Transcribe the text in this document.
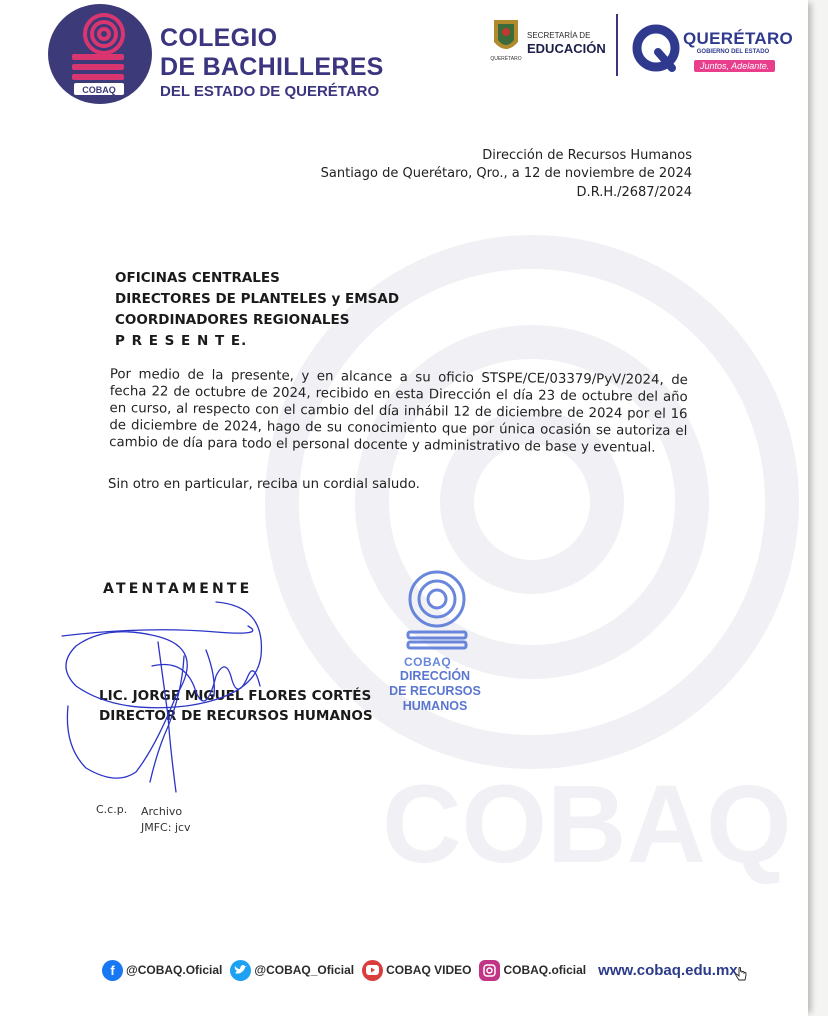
COBAQ
COBAQ
COLEGIO
DE BACHILLERES
DEL ESTADO DE QUERÉTARO
QUERÉTARO
SECRETARÍA DE
EDUCACIÓN
QUERÉTARO
GOBIERNO DEL ESTADO
Juntos, Adelante.
Dirección de Recursos Humanos
Santiago de Querétaro, Qro., a 12 de noviembre de 2024
D.R.H./2687/2024
OFICINAS CENTRALES
DIRECTORES DE PLANTELES y EMSAD
COORDINADORES REGIONALES
P R E S E N T E.
Por medio de la presente, y en alcance a su oficio STSPE/CE/03379/PyV/2024, de fecha 22 de octubre de 2024, recibido en esta Dirección el día 23 de octubre del año en curso, al respecto con el cambio del día inhábil 12 de diciembre de 2024 por el 16 de diciembre de 2024, hago de su conocimiento que por única ocasión se autoriza el cambio de día para todo el personal docente y administrativo de base y eventual.
Sin otro en particular, reciba un cordial saludo.
ATENTAMENTE
COBAQ
DIRECCIÓN
DE RECURSOS
HUMANOS
LIC. JORGE MIGUEL FLORES CORTÉS
DIRECTOR DE RECURSOS HUMANOS
C.c.p. Archivo
JMFC: jcv
f @COBAQ.Oficial	@COBAQ_Oficial	COBAQ VIDEO	COBAQ.oficial www.cobaq.edu.mx
